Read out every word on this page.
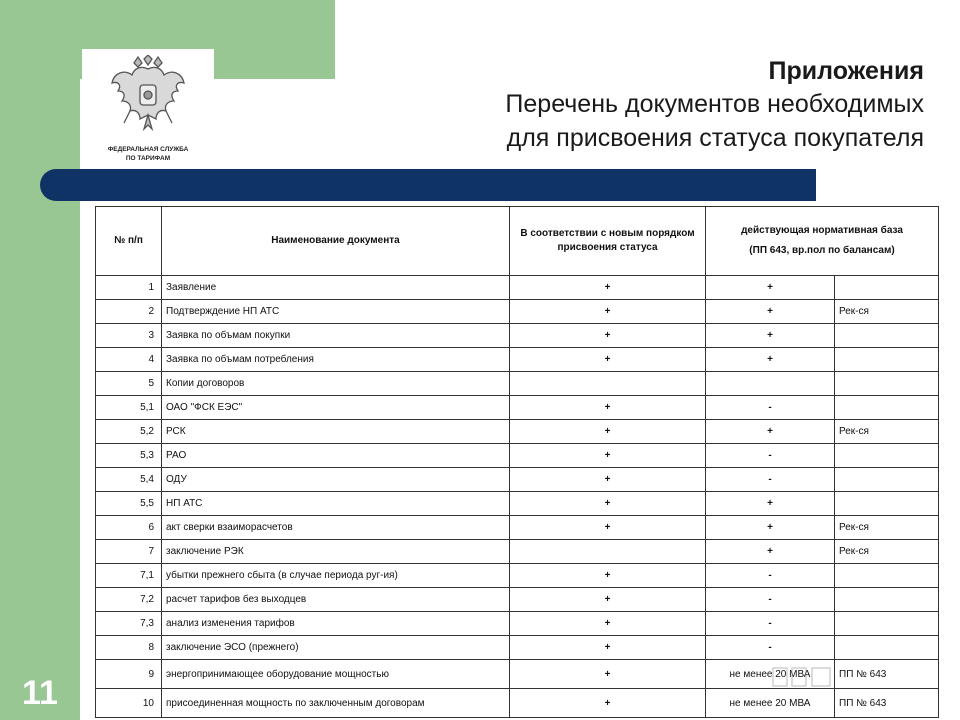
ФЕДЕРАЛЬНАЯ СЛУЖБА
ПО ТАРИФАМ
Приложения
Перечень документов необходимых
для присвоения статуса покупателя
№ п/п	Наименование документа	В соответствии с новым порядком присвоения статуса	действующая нормативная база
(ПП 643, вр.пол по балансам)	

1	Заявление	+	+	
2	Подтверждение НП АТС	+	+	Рек-ся
3	Заявка по объмам покупки	+	+	
4	Заявка по объмам потребления	+	+	
5	Копии договоров			
5,1	ОАО "ФСК ЕЭС"	+	-	
5,2	РСК	+	+	Рек-ся
5,3	РАО	+	-	
5,4	ОДУ	+	-	
5,5	НП АТС	+	+	
6	акт сверки взаиморасчетов	+	+	Рек-ся
7	заключение РЭК		+	Рек-ся
7,1	убытки прежнего сбыта (в случае периода руг-ия)	+	-	
7,2	расчет тарифов без выходцев	+	-	
7,3	анализ изменения тарифов	+	-	
8	заключение ЭСО (прежнего)	+	-	
9	энергопринимающее оборудование мощностью	+	не менее 20 МВА	ПП № 643
10	присоединенная мощность по заключенным договорам	+	не менее 20 МВА	ПП № 643
11
